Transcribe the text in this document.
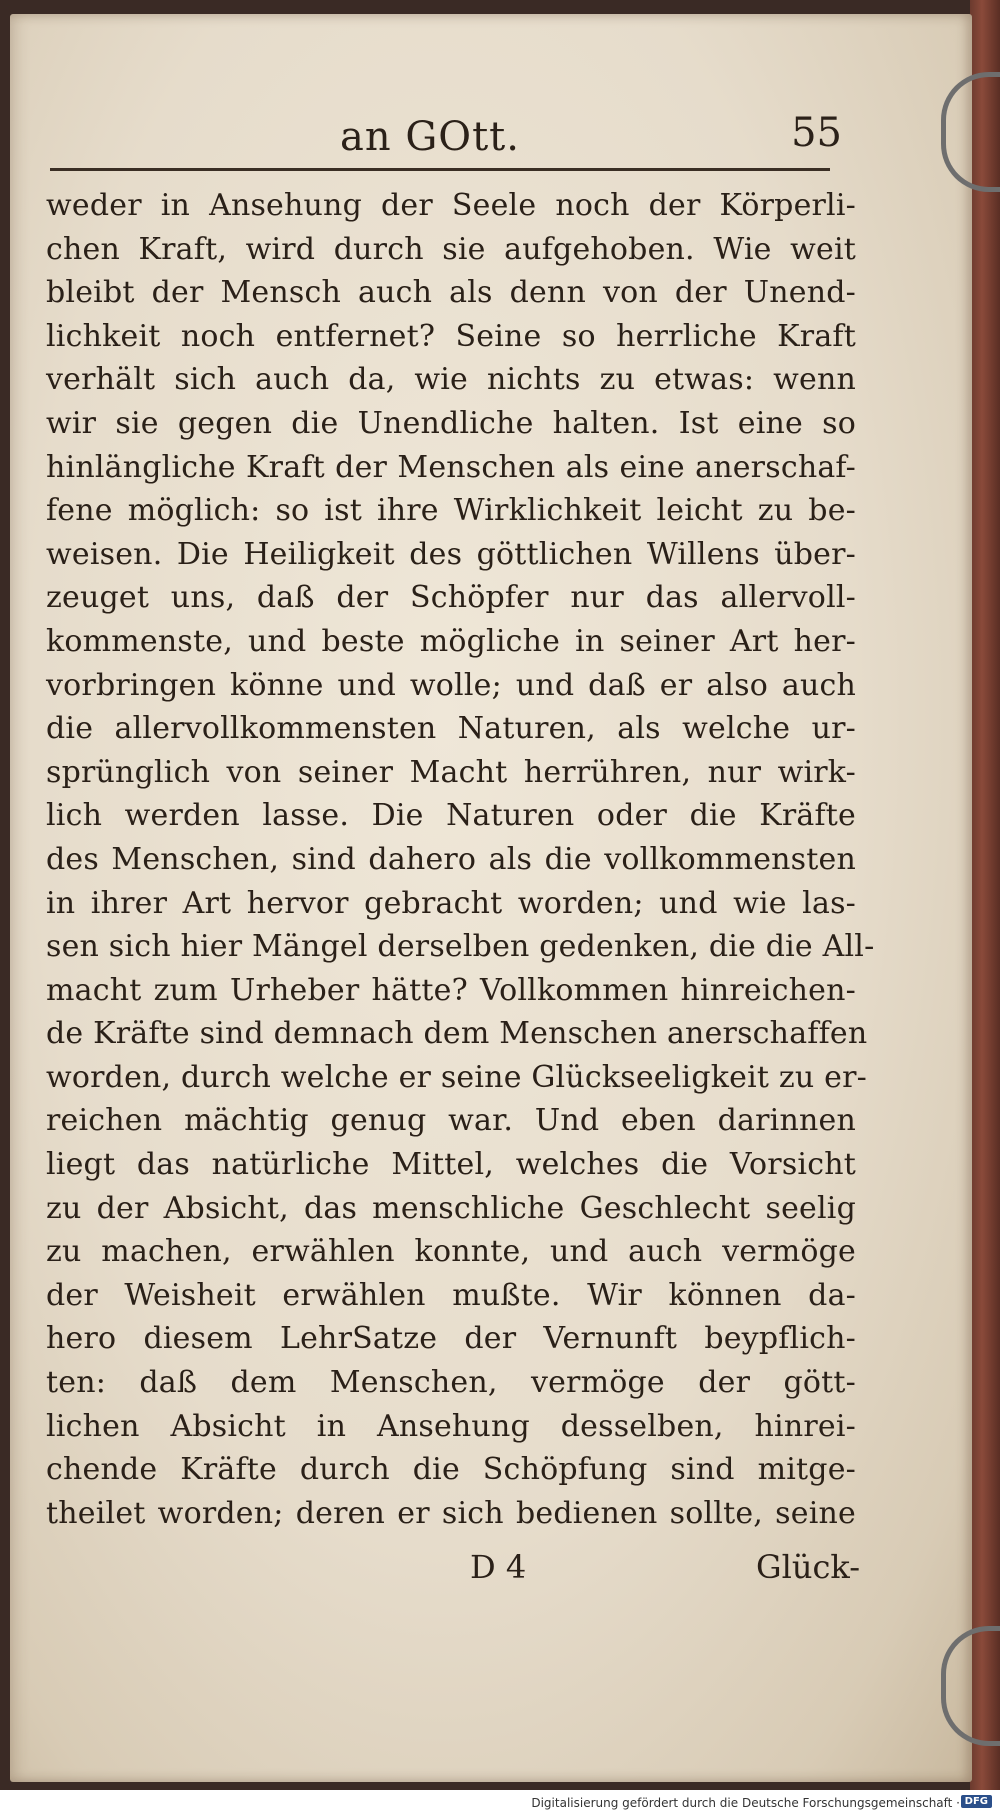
an GOtt.	55
weder in Ansehung der Seele noch der Körperli-
chen Kraft, wird durch sie aufgehoben. Wie weit
bleibt der Mensch auch als denn von der Unend-
lichkeit noch entfernet? Seine so herrliche Kraft
verhält sich auch da, wie nichts zu etwas: wenn
wir sie gegen die Unendliche halten. Ist eine so
hinlängliche Kraft der Menschen als eine anerschaf-
fene möglich: so ist ihre Wirklichkeit leicht zu be-
weisen. Die Heiligkeit des göttlichen Willens über-
zeuget uns, daß der Schöpfer nur das allervoll-
kommenste, und beste mögliche in seiner Art her-
vorbringen könne und wolle; und daß er also auch
die allervollkommensten Naturen, als welche ur-
sprünglich von seiner Macht herrühren, nur wirk-
lich werden lasse. Die Naturen oder die Kräfte
des Menschen, sind dahero als die vollkommensten
in ihrer Art hervor gebracht worden; und wie las-
sen sich hier Mängel derselben gedenken, die die All-
macht zum Urheber hätte? Vollkommen hinreichen-
de Kräfte sind demnach dem Menschen anerschaffen
worden, durch welche er seine Glückseeligkeit zu er-
reichen mächtig genug war. Und eben darinnen
liegt das natürliche Mittel, welches die Vorsicht
zu der Absicht, das menschliche Geschlecht seelig
zu machen, erwählen konnte, und auch vermöge
der Weisheit erwählen mußte. Wir können da-
hero diesem LehrSatze der Vernunft beypflich-
ten: daß dem Menschen, vermöge der gött-
lichen Absicht in Ansehung desselben, hinrei-
chende Kräfte durch die Schöpfung sind mitge-
theilet worden; deren er sich bedienen sollte, seine
D 4	Glück-
Digitalisierung gefördert durch die Deutsche Forschungsgemeinschaft · DFG
